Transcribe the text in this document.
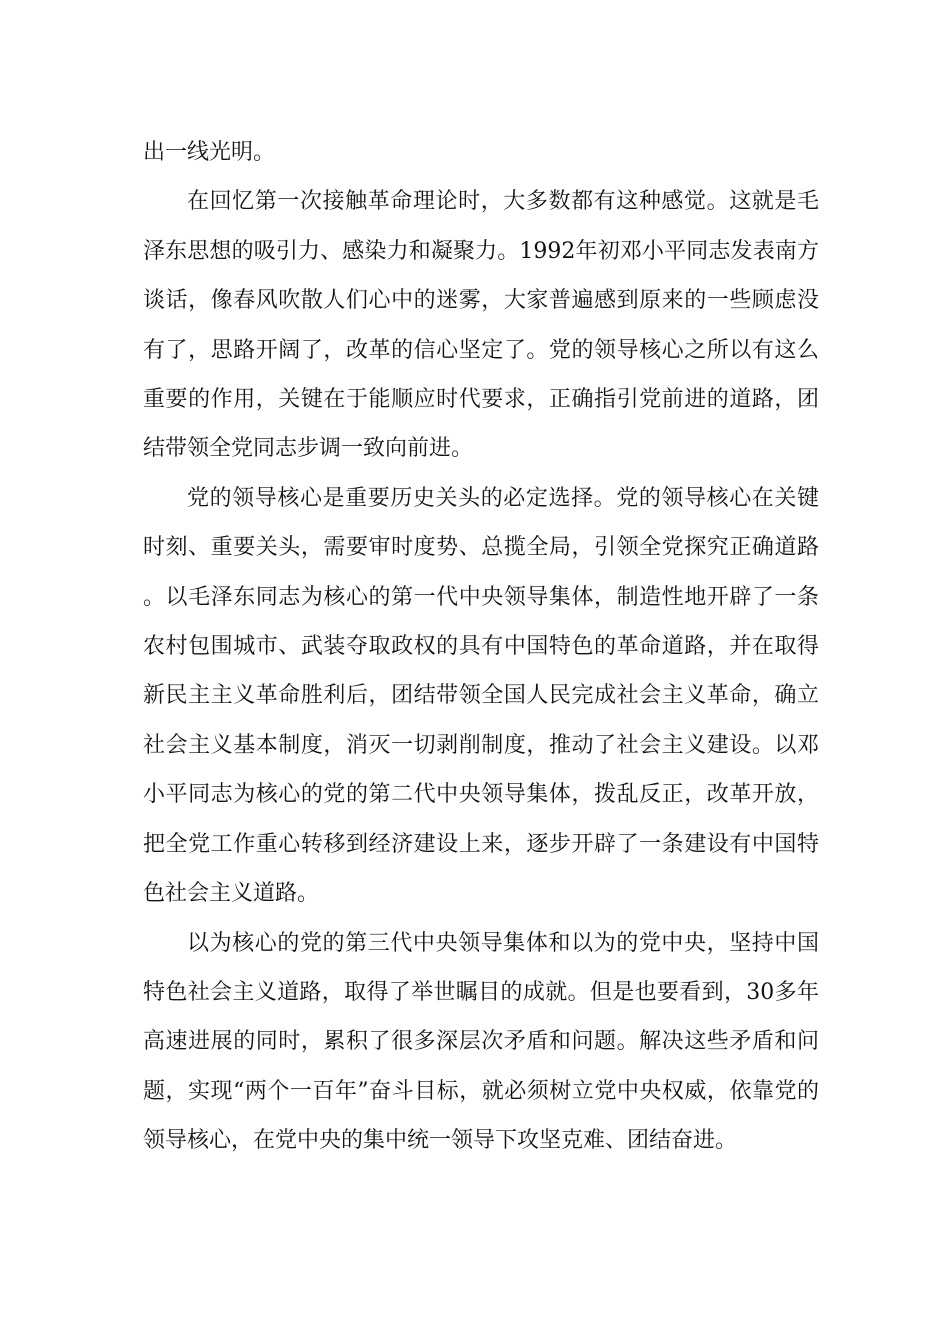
出一线光明。

在回忆第一次接触革命理论时，大多数都有这种感觉。这就是毛泽东思想的吸引力、感染力和凝聚力。1992年初邓小平同志发表南方谈话，像春风吹散人们心中的迷雾，大家普遍感到原来的一些顾虑没有了，思路开阔了，改革的信心坚定了。党的领导核心之所以有这么重要的作用，关键在于能顺应时代要求，正确指引党前进的道路，团结带领全党同志步调一致向前进。

党的领导核心是重要历史关头的必定选择。党的领导核心在关键时刻、重要关头，需要审时度势、总揽全局，引领全党探究正确道路。以毛泽东同志为核心的第一代中央领导集体，制造性地开辟了一条农村包围城市、武装夺取政权的具有中国特色的革命道路，并在取得新民主主义革命胜利后，团结带领全国人民完成社会主义革命，确立社会主义基本制度，消灭一切剥削制度，推动了社会主义建设。以邓小平同志为核心的党的第二代中央领导集体，拨乱反正，改革开放，把全党工作重心转移到经济建设上来，逐步开辟了一条建设有中国特色社会主义道路。

以为核心的党的第三代中央领导集体和以为的党中央，坚持中国特色社会主义道路，取得了举世瞩目的成就。但是也要看到，30多年高速进展的同时，累积了很多深层次矛盾和问题。解决这些矛盾和问题，实现“两个一百年”奋斗目标，就必须树立党中央权威，依靠党的领导核心，在党中央的集中统一领导下攻坚克难、团结奋进。
